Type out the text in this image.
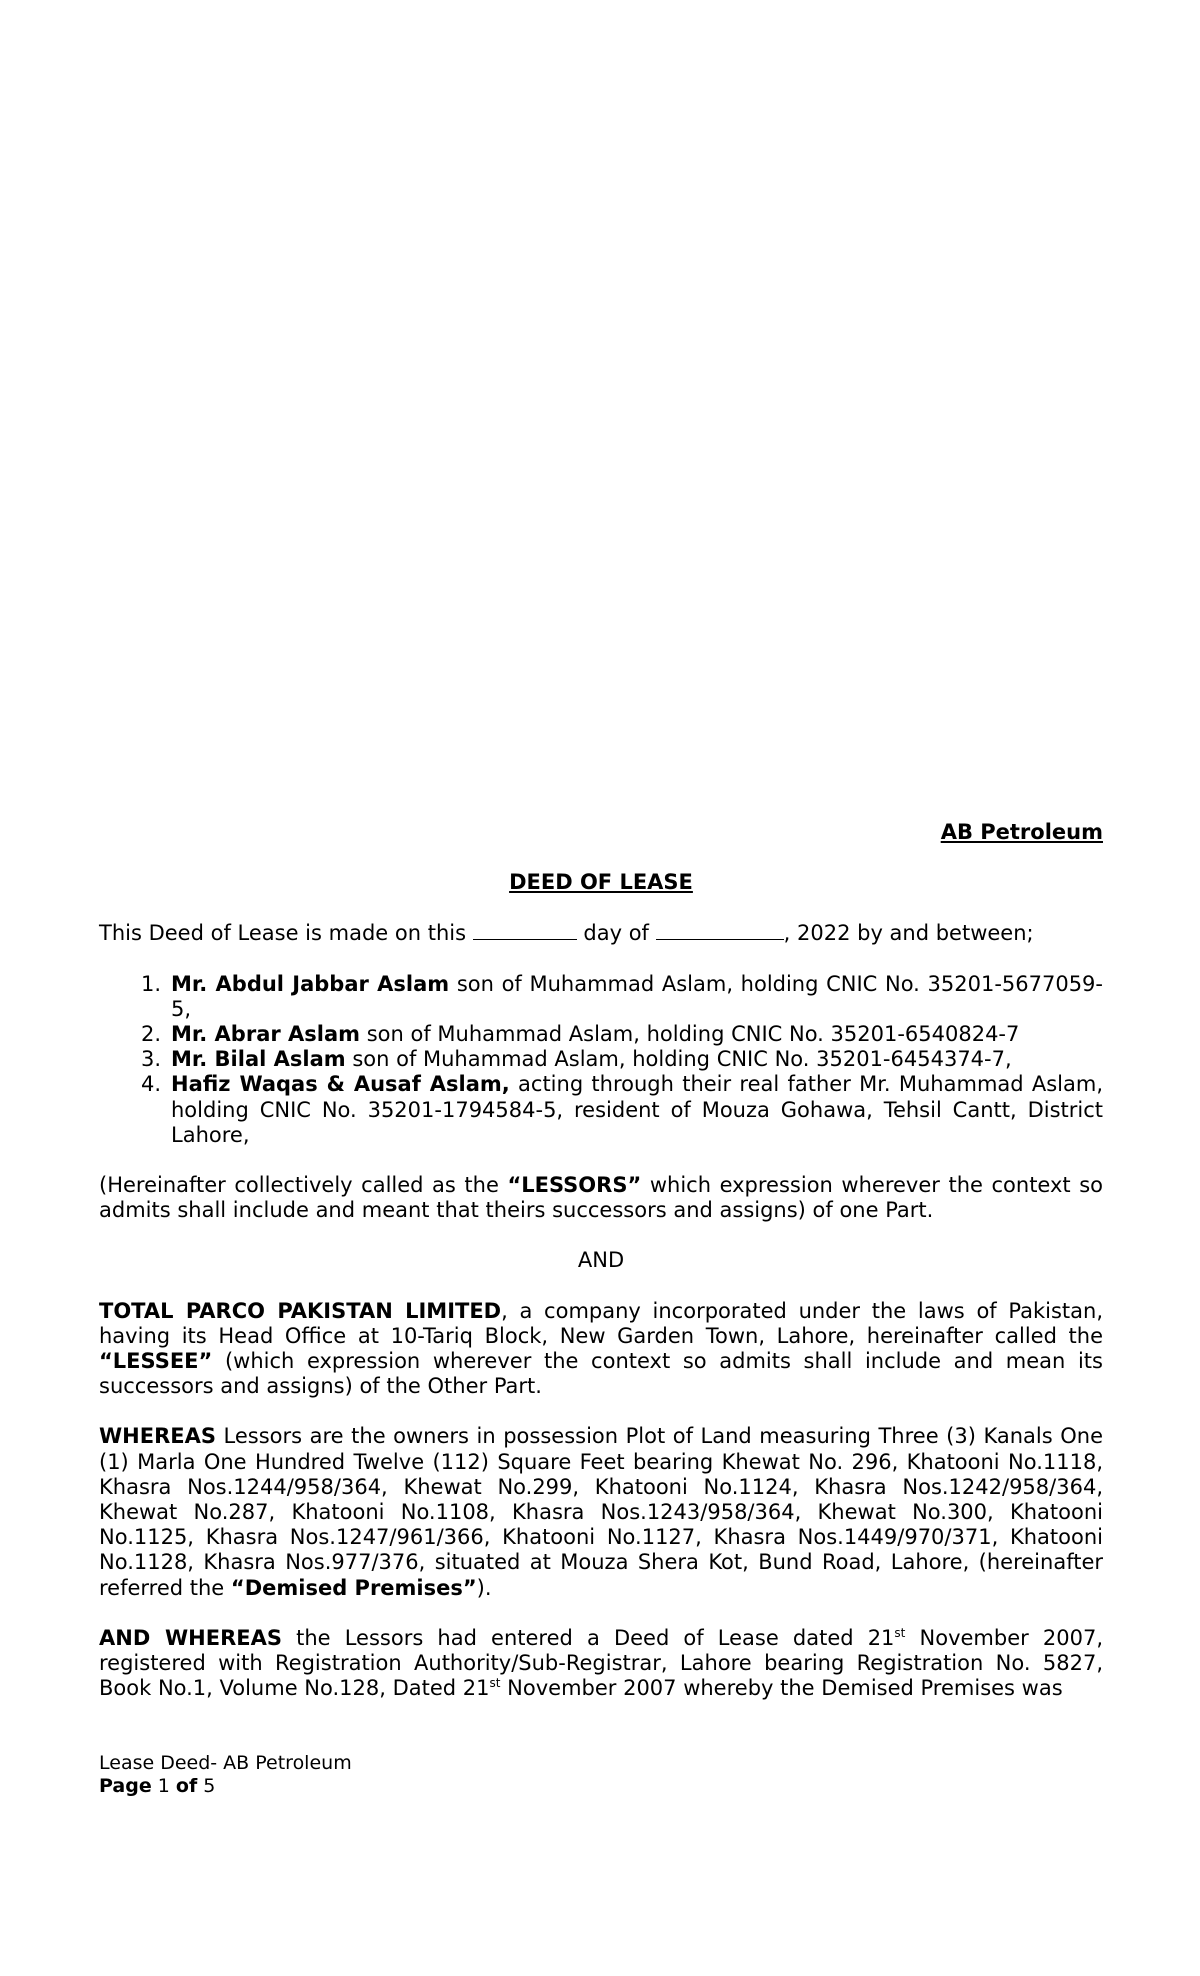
AB Petroleum

DEED OF LEASE

This Deed of Lease is made on this	day of	, 2022 by and between;

1. Mr. Abdul Jabbar Aslam son of Muhammad Aslam, holding CNIC No. 35201-5677059-5,
2. Mr. Abrar Aslam son of Muhammad Aslam, holding CNIC No. 35201-6540824-7
3. Mr. Bilal Aslam son of Muhammad Aslam, holding CNIC No. 35201-6454374-7,
4. Hafiz Waqas & Ausaf Aslam, acting through their real father Mr. Muhammad Aslam, holding CNIC No. 35201-1794584-5, resident of Mouza Gohawa, Tehsil Cantt, District Lahore,

(Hereinafter collectively called as the “LESSORS” which expression wherever the context so admits shall include and meant that theirs successors and assigns) of one Part.

AND

TOTAL PARCO PAKISTAN LIMITED, a company incorporated under the laws of Pakistan, having its Head Office at 10-Tariq Block, New Garden Town, Lahore, hereinafter called the “LESSEE” (which expression wherever the context so admits shall include and mean its successors and assigns) of the Other Part.

WHEREAS Lessors are the owners in possession Plot of Land measuring Three (3) Kanals One (1) Marla One Hundred Twelve (112) Square Feet bearing Khewat No. 296, Khatooni No.1118, Khasra Nos.1244/958/364, Khewat No.299, Khatooni No.1124, Khasra Nos.1242/958/364, Khewat No.287, Khatooni No.1108, Khasra Nos.1243/958/364, Khewat No.300, Khatooni No.1125, Khasra Nos.1247/961/366, Khatooni No.1127, Khasra Nos.1449/970/371, Khatooni No.1128, Khasra Nos.977/376, situated at Mouza Shera Kot, Bund Road, Lahore, (hereinafter referred the “Demised Premises”).

AND WHEREAS the Lessors had entered a Deed of Lease dated 21st November 2007, registered with Registration Authority/Sub-Registrar, Lahore bearing Registration No. 5827, Book No.1, Volume No.128, Dated 21st November 2007 whereby the Demised Premises was

Lease Deed- AB Petroleum
Page 1 of 5
